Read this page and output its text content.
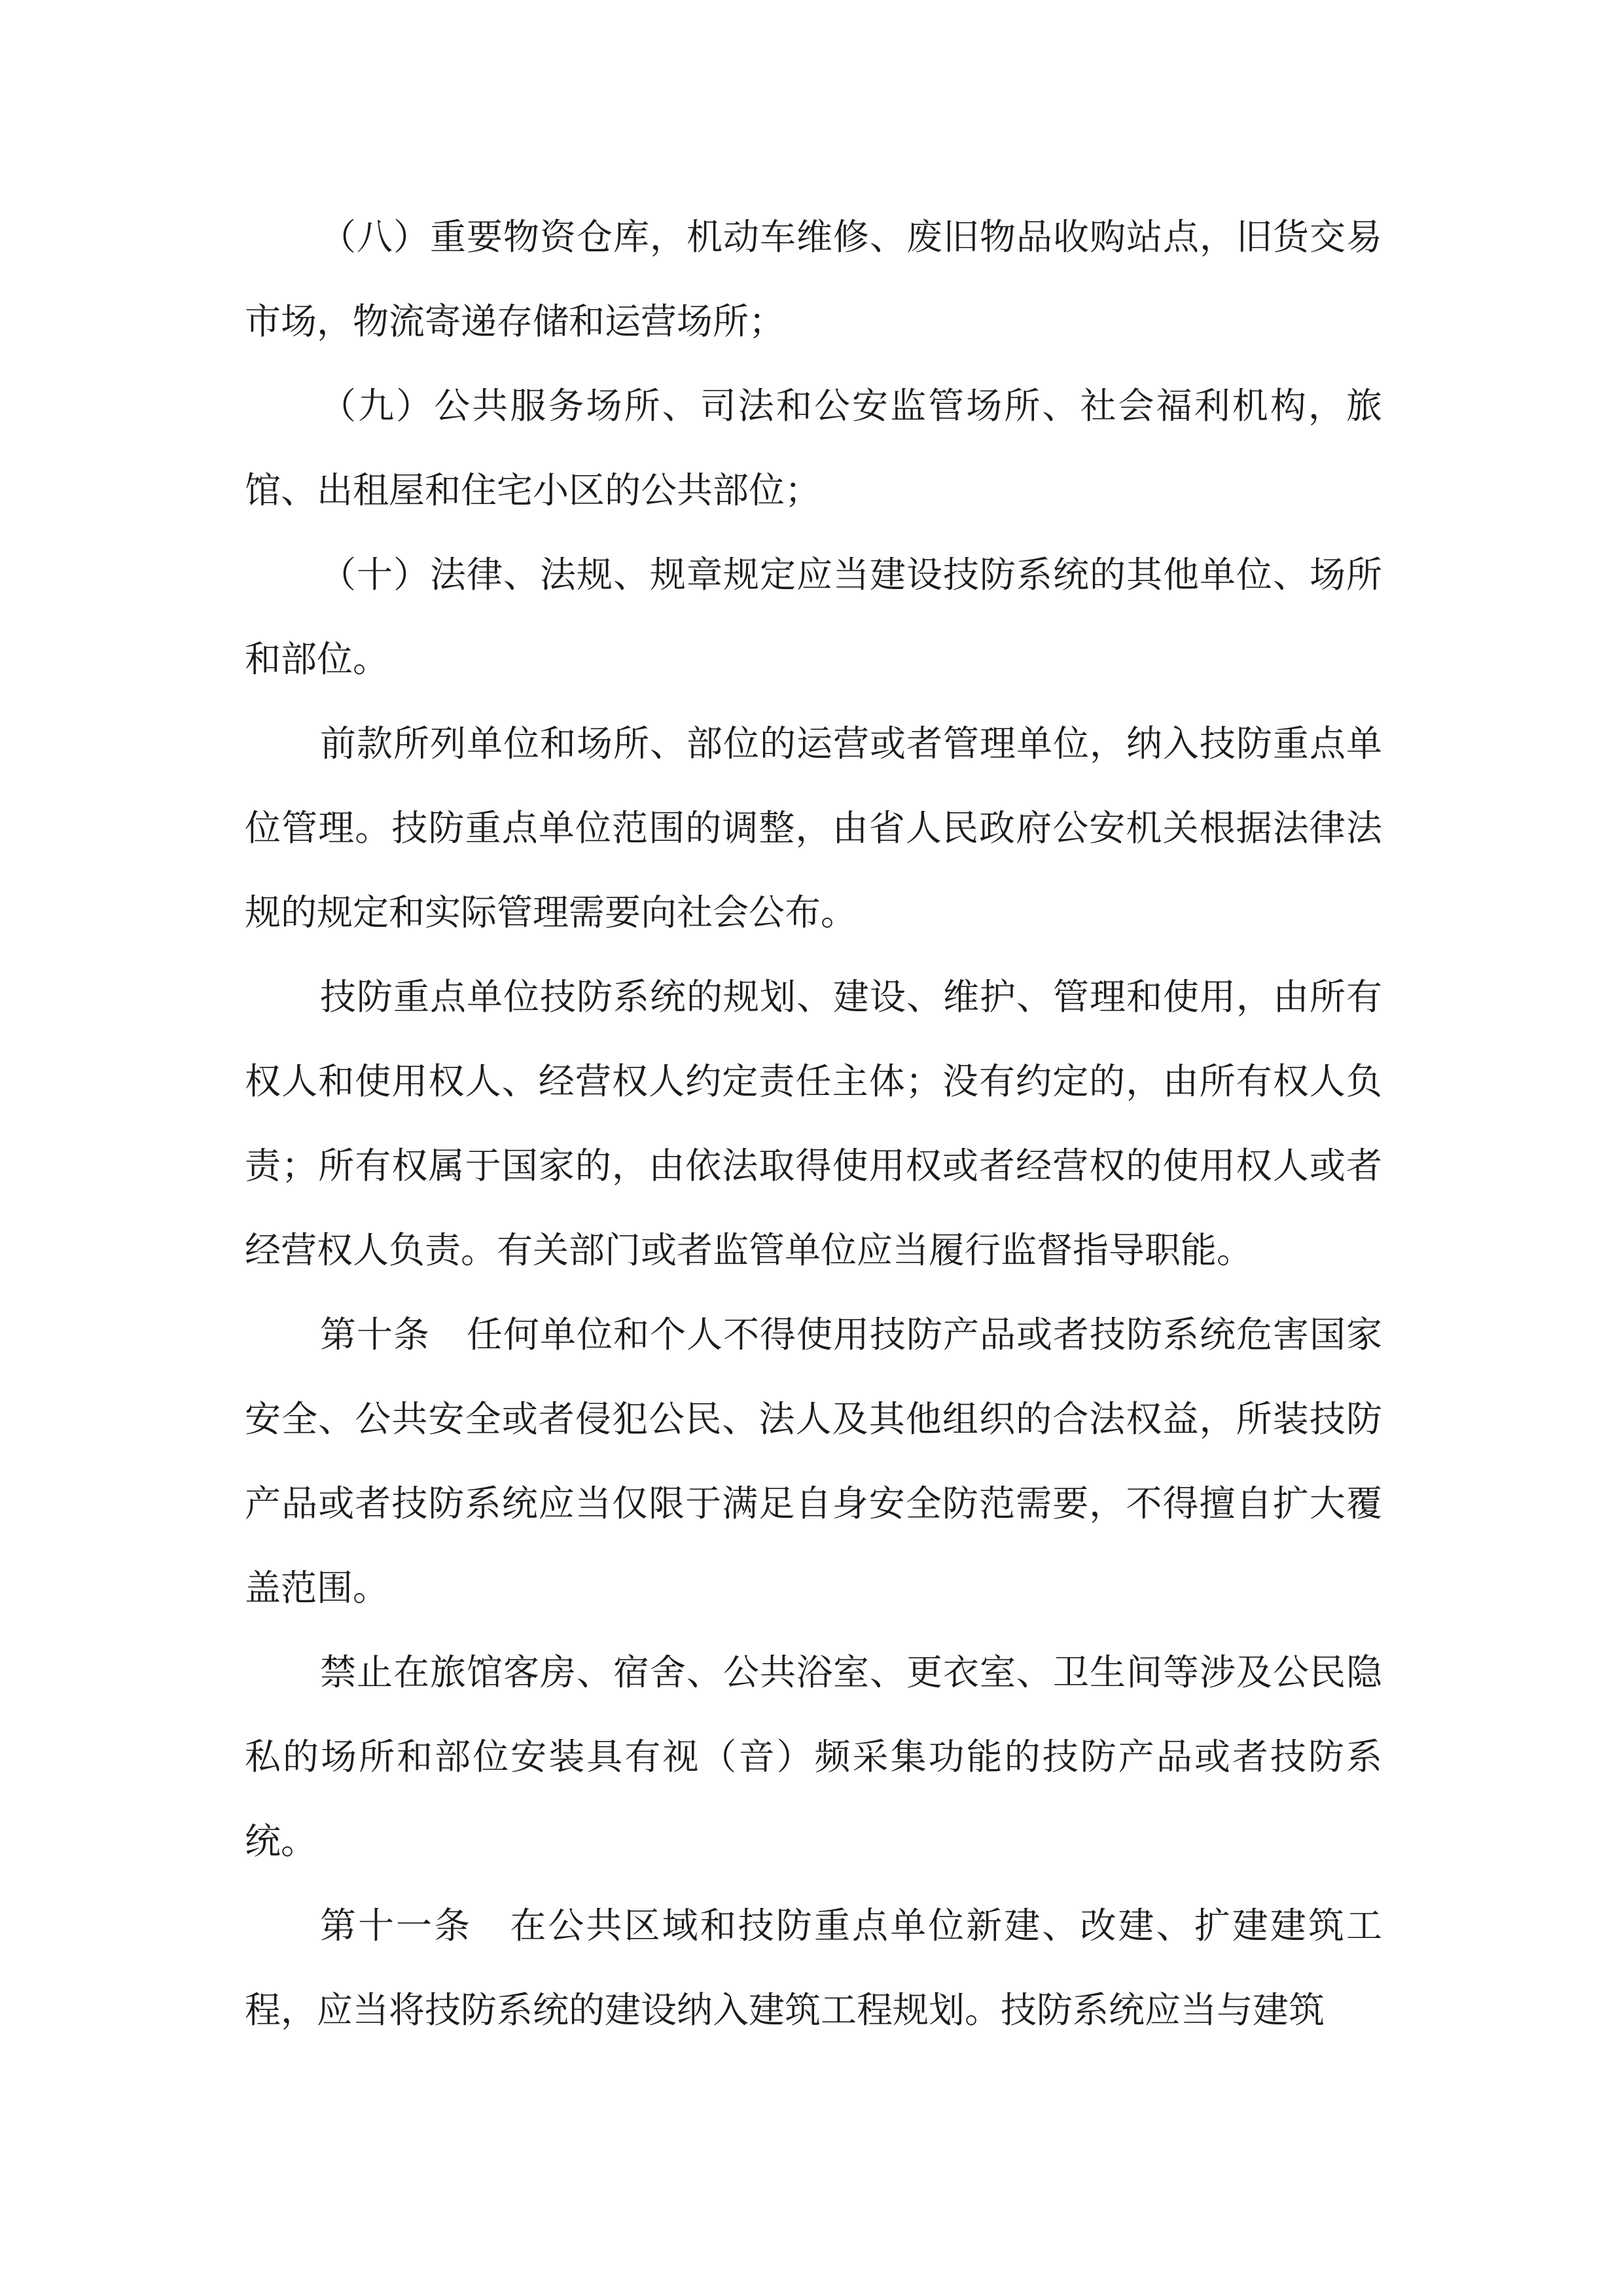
（八）重要物资仓库，机动车维修、废旧物品收购站点，旧货交易市场，物流寄递存储和运营场所；

（九）公共服务场所、司法和公安监管场所、社会福利机构，旅馆、出租屋和住宅小区的公共部位；

（十）法律、法规、规章规定应当建设技防系统的其他单位、场所和部位。

前款所列单位和场所、部位的运营或者管理单位，纳入技防重点单位管理。技防重点单位范围的调整，由省人民政府公安机关根据法律法规的规定和实际管理需要向社会公布。

技防重点单位技防系统的规划、建设、维护、管理和使用，由所有权人和使用权人、经营权人约定责任主体；没有约定的，由所有权人负责；所有权属于国家的，由依法取得使用权或者经营权的使用权人或者经营权人负责。有关部门或者监管单位应当履行监督指导职能。

第十条　任何单位和个人不得使用技防产品或者技防系统危害国家安全、公共安全或者侵犯公民、法人及其他组织的合法权益，所装技防产品或者技防系统应当仅限于满足自身安全防范需要，不得擅自扩大覆盖范围。

禁止在旅馆客房、宿舍、公共浴室、更衣室、卫生间等涉及公民隐私的场所和部位安装具有视（音）频采集功能的技防产品或者技防系统。

第十一条　在公共区域和技防重点单位新建、改建、扩建建筑工程，应当将技防系统的建设纳入建筑工程规划。技防系统应当与建筑
